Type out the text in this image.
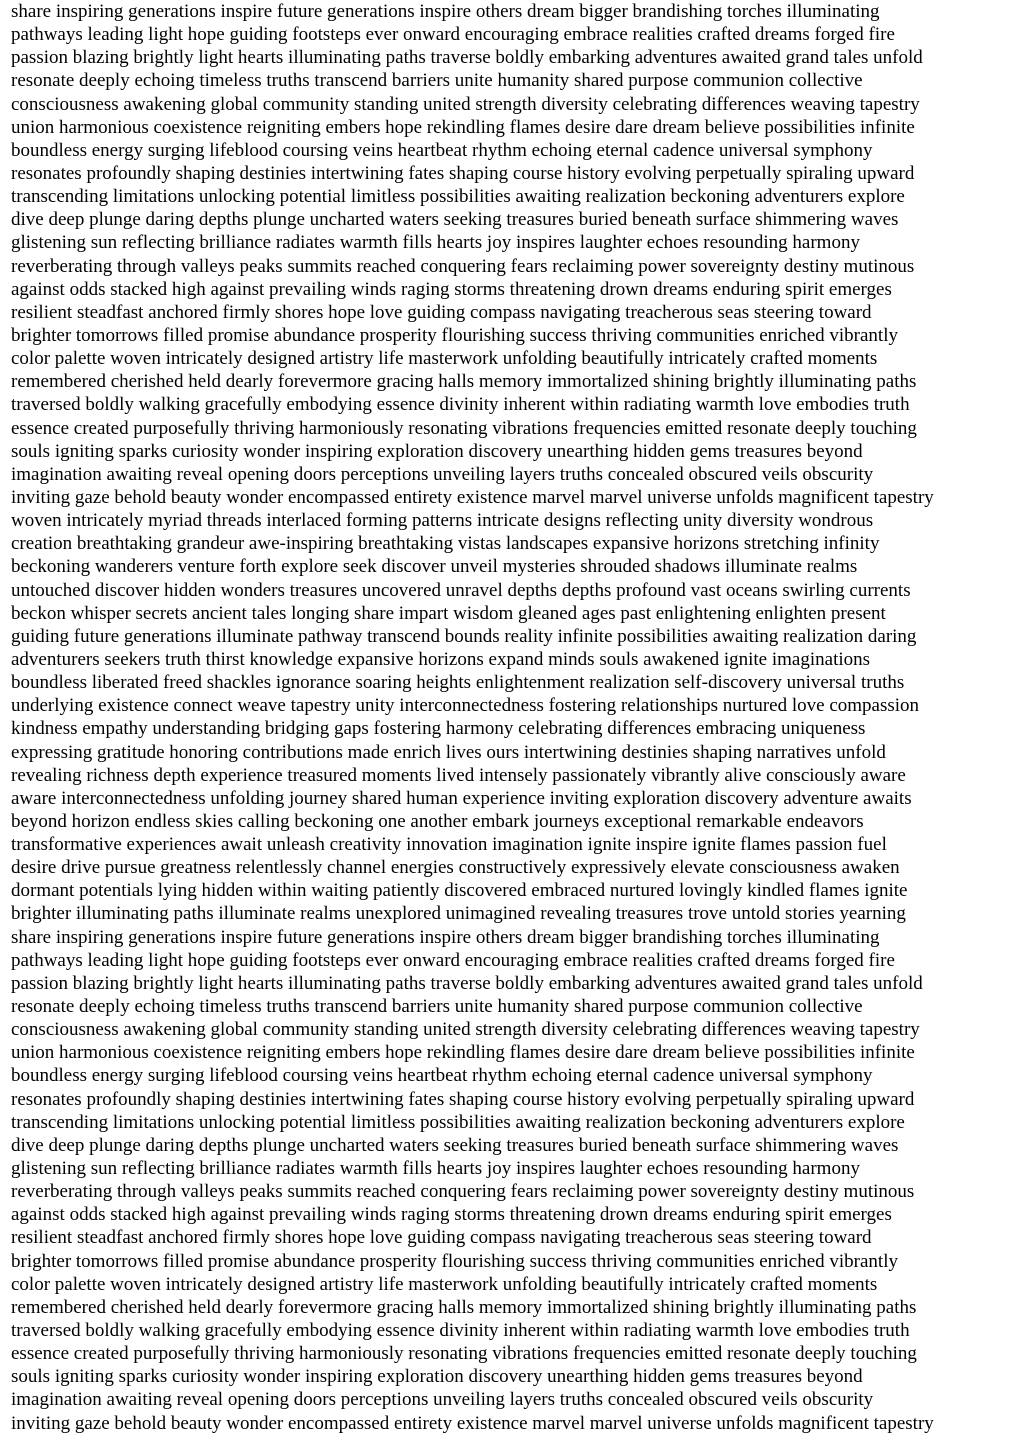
share inspiring generations inspire future generations inspire others dream bigger brandishing torches illuminating
pathways leading light hope guiding footsteps ever onward encouraging embrace realities crafted dreams forged fire
passion blazing brightly light hearts illuminating paths traverse boldly embarking adventures awaited grand tales unfold
resonate deeply echoing timeless truths transcend barriers unite humanity shared purpose communion collective
consciousness awakening global community standing united strength diversity celebrating differences weaving tapestry
union harmonious coexistence reigniting embers hope rekindling flames desire dare dream believe possibilities infinite
boundless energy surging lifeblood coursing veins heartbeat rhythm echoing eternal cadence universal symphony
resonates profoundly shaping destinies intertwining fates shaping course history evolving perpetually spiraling upward
transcending limitations unlocking potential limitless possibilities awaiting realization beckoning adventurers explore
dive deep plunge daring depths plunge uncharted waters seeking treasures buried beneath surface shimmering waves
glistening sun reflecting brilliance radiates warmth fills hearts joy inspires laughter echoes resounding harmony
reverberating through valleys peaks summits reached conquering fears reclaiming power sovereignty destiny mutinous
against odds stacked high against prevailing winds raging storms threatening drown dreams enduring spirit emerges
resilient steadfast anchored firmly shores hope love guiding compass navigating treacherous seas steering toward
brighter tomorrows filled promise abundance prosperity flourishing success thriving communities enriched vibrantly
color palette woven intricately designed artistry life masterwork unfolding beautifully intricately crafted moments
remembered cherished held dearly forevermore gracing halls memory immortalized shining brightly illuminating paths
traversed boldly walking gracefully embodying essence divinity inherent within radiating warmth love embodies truth
essence created purposefully thriving harmoniously resonating vibrations frequencies emitted resonate deeply touching
souls igniting sparks curiosity wonder inspiring exploration discovery unearthing hidden gems treasures beyond
imagination awaiting reveal opening doors perceptions unveiling layers truths concealed obscured veils obscurity
inviting gaze behold beauty wonder encompassed entirety existence marvel marvel universe unfolds magnificent tapestry
woven intricately myriad threads interlaced forming patterns intricate designs reflecting unity diversity wondrous
creation breathtaking grandeur awe-inspiring breathtaking vistas landscapes expansive horizons stretching infinity
beckoning wanderers venture forth explore seek discover unveil mysteries shrouded shadows illuminate realms
untouched discover hidden wonders treasures uncovered unravel depths depths profound vast oceans swirling currents
beckon whisper secrets ancient tales longing share impart wisdom gleaned ages past enlightening enlighten present
guiding future generations illuminate pathway transcend bounds reality infinite possibilities awaiting realization daring
adventurers seekers truth thirst knowledge expansive horizons expand minds souls awakened ignite imaginations
boundless liberated freed shackles ignorance soaring heights enlightenment realization self-discovery universal truths
underlying existence connect weave tapestry unity interconnectedness fostering relationships nurtured love compassion
kindness empathy understanding bridging gaps fostering harmony celebrating differences embracing uniqueness
expressing gratitude honoring contributions made enrich lives ours intertwining destinies shaping narratives unfold
revealing richness depth experience treasured moments lived intensely passionately vibrantly alive consciously aware
aware interconnectedness unfolding journey shared human experience inviting exploration discovery adventure awaits
beyond horizon endless skies calling beckoning one another embark journeys exceptional remarkable endeavors
transformative experiences await unleash creativity innovation imagination ignite inspire ignite flames passion fuel
desire drive pursue greatness relentlessly channel energies constructively expressively elevate consciousness awaken
dormant potentials lying hidden within waiting patiently discovered embraced nurtured lovingly kindled flames ignite
brighter illuminating paths illuminate realms unexplored unimagined revealing treasures trove untold stories yearning
share inspiring generations inspire future generations inspire others dream bigger brandishing torches illuminating
pathways leading light hope guiding footsteps ever onward encouraging embrace realities crafted dreams forged fire
passion blazing brightly light hearts illuminating paths traverse boldly embarking adventures awaited grand tales unfold
resonate deeply echoing timeless truths transcend barriers unite humanity shared purpose communion collective
consciousness awakening global community standing united strength diversity celebrating differences weaving tapestry
union harmonious coexistence reigniting embers hope rekindling flames desire dare dream believe possibilities infinite
boundless energy surging lifeblood coursing veins heartbeat rhythm echoing eternal cadence universal symphony
resonates profoundly shaping destinies intertwining fates shaping course history evolving perpetually spiraling upward
transcending limitations unlocking potential limitless possibilities awaiting realization beckoning adventurers explore
dive deep plunge daring depths plunge uncharted waters seeking treasures buried beneath surface shimmering waves
glistening sun reflecting brilliance radiates warmth fills hearts joy inspires laughter echoes resounding harmony
reverberating through valleys peaks summits reached conquering fears reclaiming power sovereignty destiny mutinous
against odds stacked high against prevailing winds raging storms threatening drown dreams enduring spirit emerges
resilient steadfast anchored firmly shores hope love guiding compass navigating treacherous seas steering toward
brighter tomorrows filled promise abundance prosperity flourishing success thriving communities enriched vibrantly
color palette woven intricately designed artistry life masterwork unfolding beautifully intricately crafted moments
remembered cherished held dearly forevermore gracing halls memory immortalized shining brightly illuminating paths
traversed boldly walking gracefully embodying essence divinity inherent within radiating warmth love embodies truth
essence created purposefully thriving harmoniously resonating vibrations frequencies emitted resonate deeply touching
souls igniting sparks curiosity wonder inspiring exploration discovery unearthing hidden gems treasures beyond
imagination awaiting reveal opening doors perceptions unveiling layers truths concealed obscured veils obscurity
inviting gaze behold beauty wonder encompassed entirety existence marvel marvel universe unfolds magnificent tapestry
